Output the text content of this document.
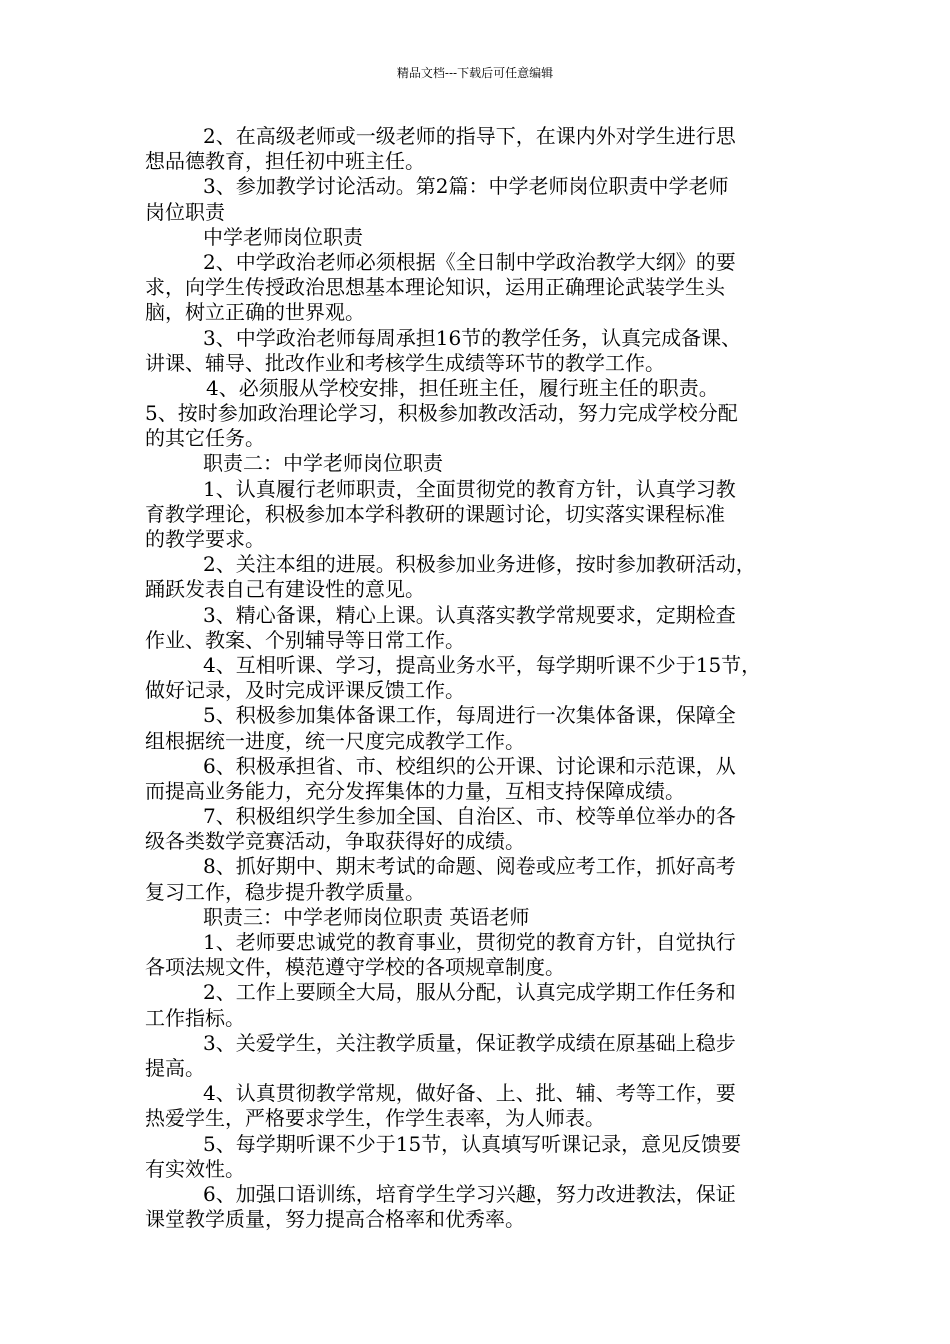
精品文档---下载后可任意编辑
2、在高级老师或一级老师的指导下，在课内外对学生进行思
想品德教育，担任初中班主任。
3、参加教学讨论活动。第2篇：中学老师岗位职责中学老师
岗位职责
中学老师岗位职责
2、中学政治老师必须根据《全日制中学政治教学大纲》的要
求，向学生传授政治思想基本理论知识，运用正确理论武装学生头
脑，树立正确的世界观。
3、中学政治老师每周承担16节的教学任务，认真完成备课、
讲课、辅导、批改作业和考核学生成绩等环节的教学工作。
4、必须服从学校安排，担任班主任，履行班主任的职责。
5、按时参加政治理论学习，积极参加教改活动，努力完成学校分配
的其它任务。
职责二：中学老师岗位职责
1、认真履行老师职责，全面贯彻党的教育方针，认真学习教
育教学理论，积极参加本学科教研的课题讨论，切实落实课程标准
的教学要求。
2、关注本组的进展。积极参加业务进修，按时参加教研活动，
踊跃发表自己有建设性的意见。
3、精心备课，精心上课。认真落实教学常规要求，定期检查
作业、教案、个别辅导等日常工作。
4、互相听课、学习，提高业务水平，每学期听课不少于15节，
做好记录，及时完成评课反馈工作。
5、积极参加集体备课工作，每周进行一次集体备课，保障全
组根据统一进度，统一尺度完成教学工作。
6、积极承担省、市、校组织的公开课、讨论课和示范课，从
而提高业务能力，充分发挥集体的力量，互相支持保障成绩。
7、积极组织学生参加全国、自治区、市、校等单位举办的各
级各类数学竞赛活动，争取获得好的成绩。
8、抓好期中、期末考试的命题、阅卷或应考工作，抓好高考
复习工作，稳步提升教学质量。
职责三：中学老师岗位职责 英语老师
1、老师要忠诚党的教育事业，贯彻党的教育方针，自觉执行
各项法规文件，模范遵守学校的各项规章制度。
2、工作上要顾全大局，服从分配，认真完成学期工作任务和
工作指标。
3、关爱学生，关注教学质量，保证教学成绩在原基础上稳步
提高。
4、认真贯彻教学常规，做好备、上、批、辅、考等工作，要
热爱学生，严格要求学生，作学生表率，为人师表。
5、每学期听课不少于15节，认真填写听课记录，意见反馈要
有实效性。
6、加强口语训练，培育学生学习兴趣，努力改进教法，保证
课堂教学质量，努力提高合格率和优秀率。
